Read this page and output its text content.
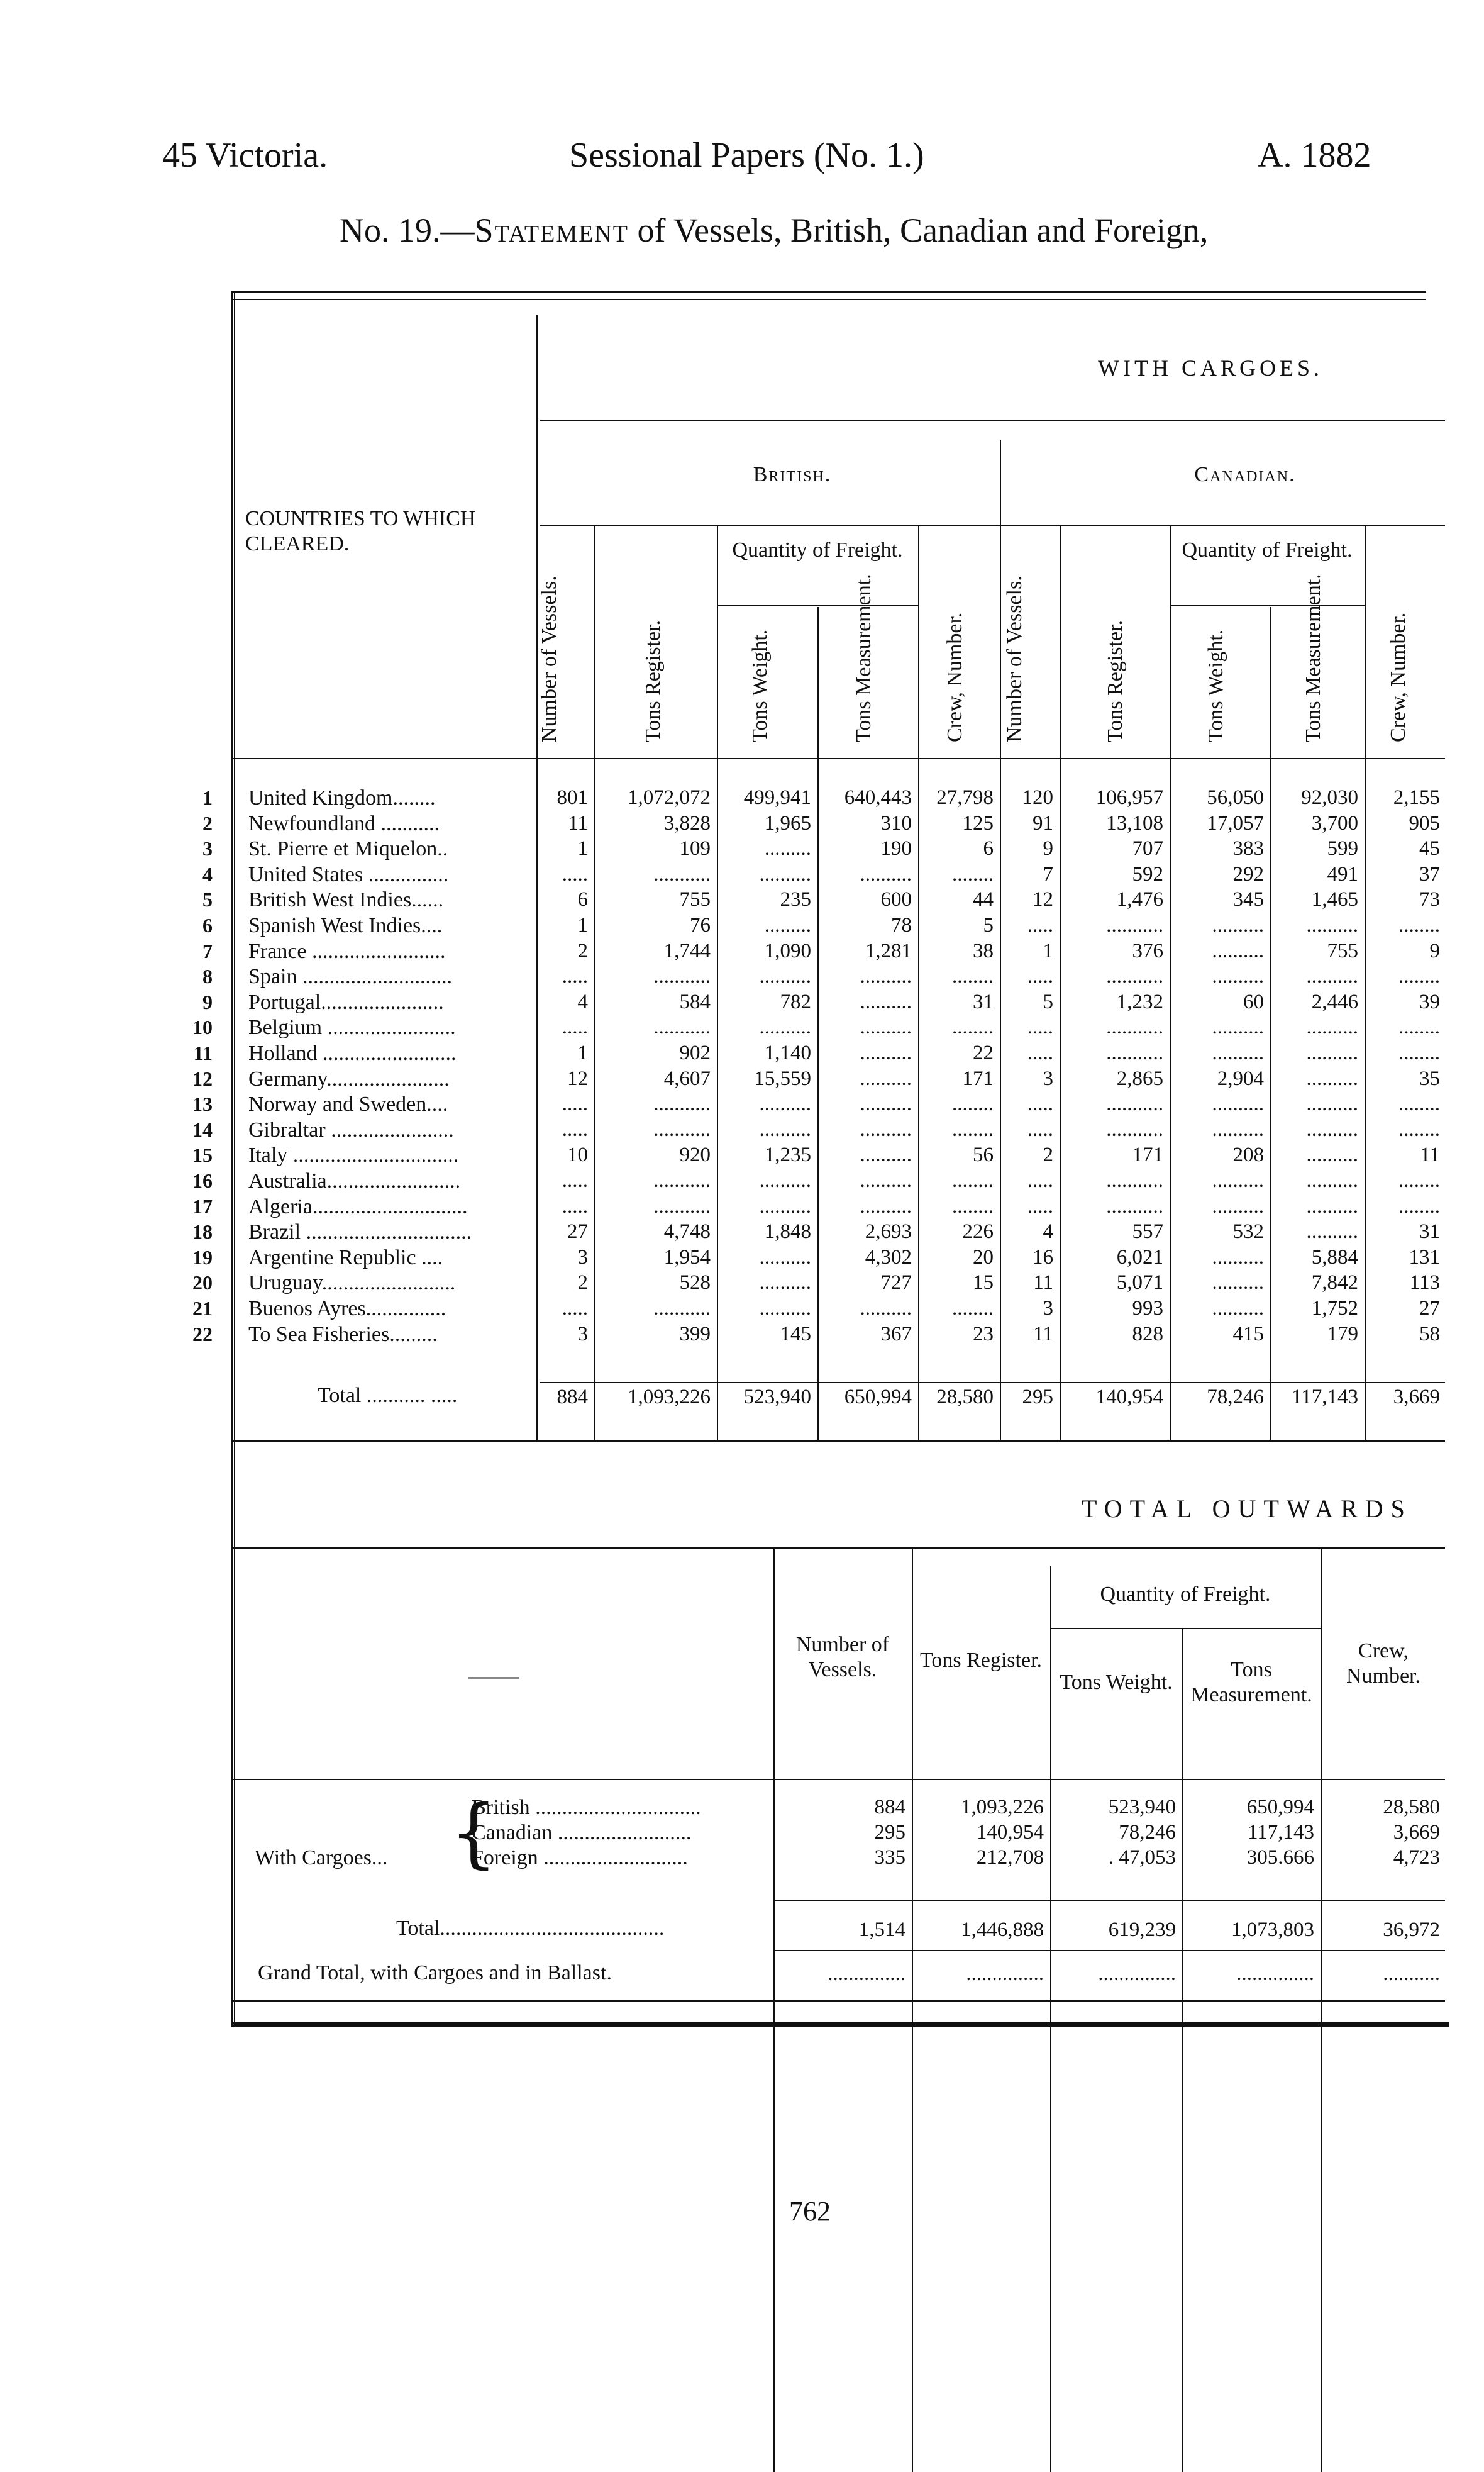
45 Victoria.	Sessional Papers (No. 1.)	A. 1882
No. 19.—Statement of Vessels, British, Canadian and Foreign,
WITH CARGOES.
British.	Canadian.
COUNTRIES TO WHICH CLEARED.	Quantity of Freight.	Quantity of Freight.
Number of Vessels.	Tons Register.	Tons Weight.	Tons Measurement.	Crew, Number. Number of Vessels.	Tons Register.	Tons Weight.	Tons Measurement.	Crew, Number.
1 United Kingdom........	801	1,072,072	499,941	640,443	27,798	120	106,957	56,050	92,030	2,155
2 Newfoundland ...........	11	3,828	1,965	310	125	91	13,108	17,057	3,700	905
3 St. Pierre et Miquelon..	1	109	.........	190	6	9	707	383	599	45
4 United States ...............	.....	...........	..........	..........	........	7	592	292	491	37
5 British West Indies......	6	755	235	600	44	12	1,476	345	1,465	73
6 Spanish West Indies....	1	76	.........	78	5	.....	...........	..........	..........	........
7 France .........................	2	1,744	1,090	1,281	38	1	376	..........	755	9
8 Spain ............................	.....	...........	..........	..........	........	.....	...........	..........	..........	........
9 Portugal.......................	4	584	782	..........	31	5	1,232	60	2,446	39
10 Belgium ........................	.....	...........	..........	..........	........	.....	...........	..........	..........	........
11 Holland .........................	1	902	1,140	..........	22	.....	...........	..........	..........	........
12 Germany.......................	12	4,607	15,559	..........	171	3	2,865	2,904	..........	35
13 Norway and Sweden....	.....	...........	..........	..........	........	.....	...........	..........	..........	........
14 Gibraltar .......................	.....	...........	..........	..........	........	.....	...........	..........	..........	........
15 Italy ...............................	10	920	1,235	..........	56	2	171	208	..........	11
16 Australia.........................	.....	...........	..........	..........	........	.....	...........	..........	..........	........
17 Algeria.............................	.....	...........	..........	..........	........	.....	...........	..........	..........	........
18 Brazil ...............................	27	4,748	1,848	2,693	226	4	557	532	..........	31
19 Argentine Republic ....	3	1,954	..........	4,302	20	16	6,021	..........	5,884	131
20 Uruguay.........................	2	528	..........	727	15	11	5,071	..........	7,842	113
21 Buenos Ayres...............	.....	...........	..........	..........	........	3	993	..........	1,752	27
22 To Sea Fisheries.........	3	399	145	367	23	11	828	415	179	58
Total ........... .....	884	1,093,226	523,940	650,994	28,580	295	140,954	78,246	117,143	3,669
TOTAL OUTWARDS
——
Quantity of Freight.
Number of Vessels.	Tons Register.
Tons Weight.
Tons Measurement.
Crew, Number.
With Cargoes... {
British ...............................	884	1,093,226	523,940	650,994	28,580
Canadian .........................	295	140,954	78,246	117,143	3,669
Foreign ...........................	335	212,708	. 47,053	305.666	4,723
Total..........................................	1,514	1,446,888	619,239	1,073,803	36,972
Grand Total, with Cargoes and in Ballast.	...............	...............	...............	...............	...........
762
